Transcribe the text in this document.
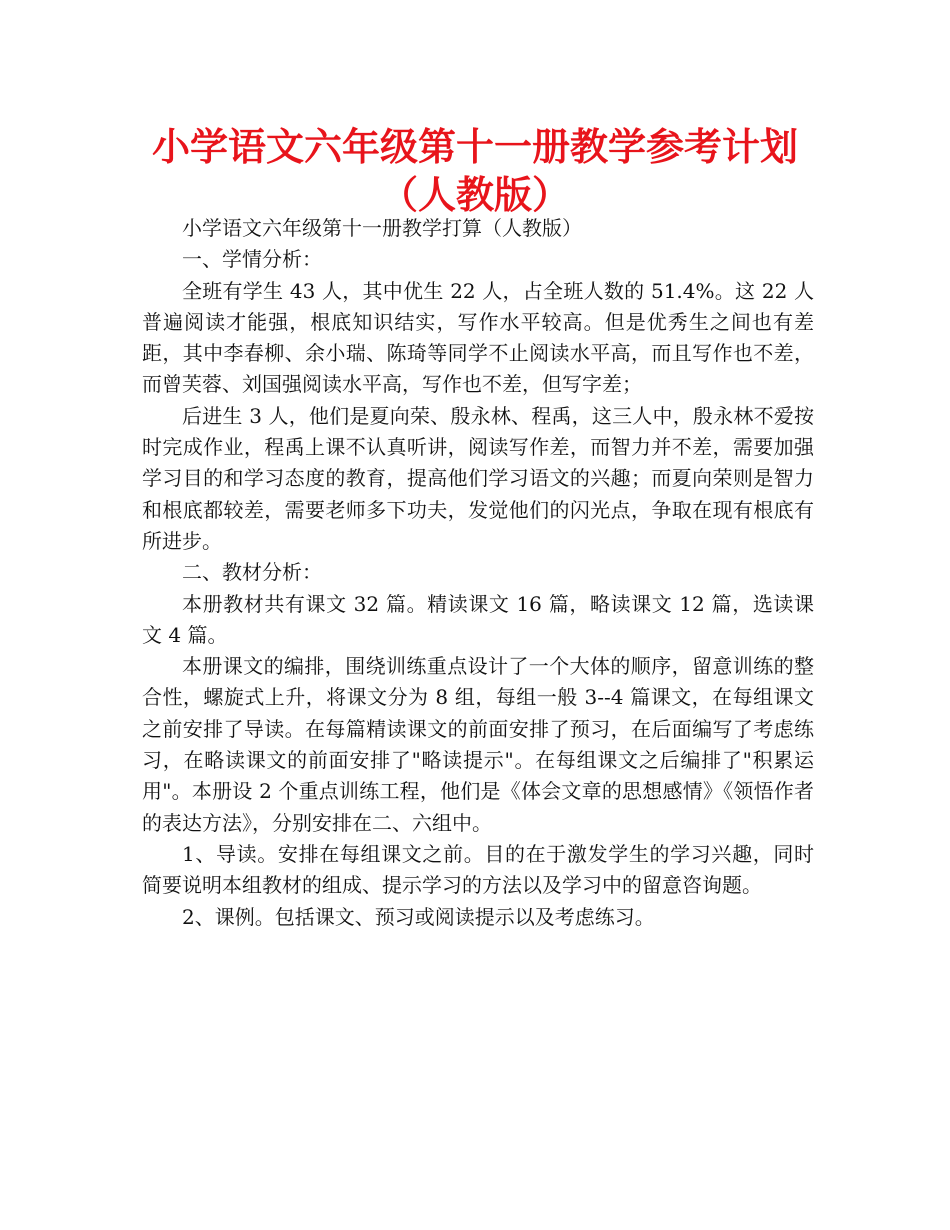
小学语文六年级第十一册教学参考计划
（人教版）

小学语文六年级第十一册教学打算（人教版）

一、学情分析：

全班有学生 43 人，其中优生 22 人，占全班人数的 51.4%。这 22 人普遍阅读才能强，根底知识结实，写作水平较高。但是优秀生之间也有差距，其中李春柳、余小瑞、陈琦等同学不止阅读水平高，而且写作也不差，而曾芙蓉、刘国强阅读水平高，写作也不差，但写字差；

后进生 3 人，他们是夏向荣、殷永林、程禹，这三人中，殷永林不爱按时完成作业，程禹上课不认真听讲，阅读写作差，而智力并不差，需要加强学习目的和学习态度的教育，提高他们学习语文的兴趣；而夏向荣则是智力和根底都较差，需要老师多下功夫，发觉他们的闪光点，争取在现有根底有所进步。

二、教材分析：

本册教材共有课文 32 篇。精读课文 16 篇，略读课文 12 篇，选读课文 4 篇。

本册课文的编排，围绕训练重点设计了一个大体的顺序，留意训练的整合性，螺旋式上升，将课文分为 8 组，每组一般 3--4 篇课文，在每组课文之前安排了导读。在每篇精读课文的前面安排了预习，在后面编写了考虑练习，在略读课文的前面安排了"略读提示"。在每组课文之后编排了"积累运用"。本册设 2 个重点训练工程，他们是《体会文章的思想感情》《领悟作者的表达方法》，分别安排在二、六组中。

1、导读。安排在每组课文之前。目的在于激发学生的学习兴趣，同时简要说明本组教材的组成、提示学习的方法以及学习中的留意咨询题。

2、课例。包括课文、预习或阅读提示以及考虑练习。
